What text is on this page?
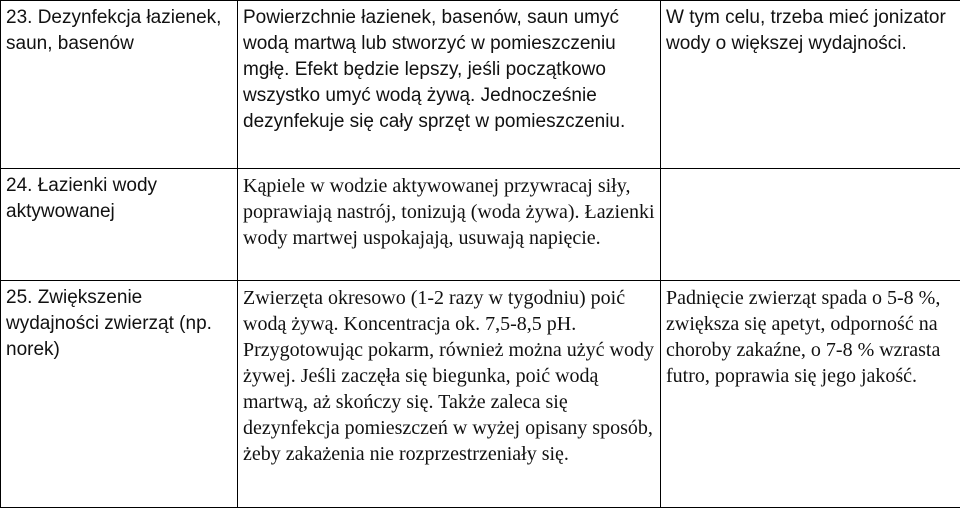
23. Dezynfekcja łazienek, saun, basenów	Powierzchnie łazienek, basenów, saun umyć wodą martwą lub stworzyć w pomieszczeniu mgłę. Efekt będzie lepszy, jeśli początkowo wszystko umyć wodą żywą. Jednocześnie dezynfekuje się cały sprzęt w pomieszczeniu.	W tym celu, trzeba mieć jonizator wody o większej wydajności.

24. Łazienki wody aktywowanej	Kąpiele w wodzie aktywowanej przywracaj siły, poprawiają nastrój, tonizują (woda żywa). Łazienki wody martwej uspokajają, usuwają napięcie.	

25. Zwiększenie wydajności zwierząt (np. norek)	Zwierzęta okresowo (1-2 razy w tygodniu) poić wodą żywą. Koncentracja ok. 7,5-8,5 pH. Przygotowując pokarm, również można użyć wody żywej. Jeśli zaczęła się biegunka, poić wodą martwą, aż skończy się. Także zaleca się dezynfekcja pomieszczeń w wyżej opisany sposób, żeby zakażenia nie rozprzestrzeniały się.	Padnięcie zwierząt spada o 5-8 %, zwiększa się apetyt, odporność na choroby zakaźne, o 7-8 % wzrasta futro, poprawia się jego jakość.
